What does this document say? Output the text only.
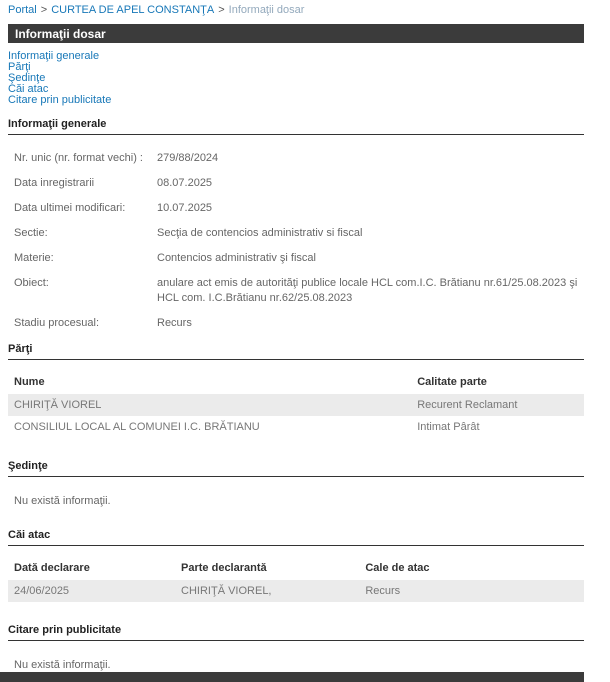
Portal > CURTEA DE APEL CONSTANŢA > Informaţii dosar
Informaţii dosar
Informaţii generale
Părţi
Şedinţe
Căi atac
Citare prin publicitate
Informaţii generale
Nr. unic (nr. format vechi) :	279/88/2024
Data inregistrarii	08.07.2025
Data ultimei modificari:	10.07.2025
Sectie:	Secţia de contencios administrativ si fiscal
Materie:	Contencios administrativ şi fiscal
Obiect:	anulare act emis de autorităţi publice locale HCL com.I.C. Brătianu nr.61/25.08.2023 şi HCL com. I.C.Brătianu nr.62/25.08.2023
Stadiu procesual:	Recurs
Părţi
Nume	Calitate parte
CHIRIŢĂ VIOREL	Recurent Reclamant
CONSILIUL LOCAL AL COMUNEI I.C. BRĂTIANU	Intimat Pârât
Şedinţe
Nu există informaţii.
Căi atac
Dată declarare	Parte declarantă	Cale de atac
24/06/2025	CHIRIŢĂ VIOREL,	Recurs
Citare prin publicitate
Nu există informaţii.
